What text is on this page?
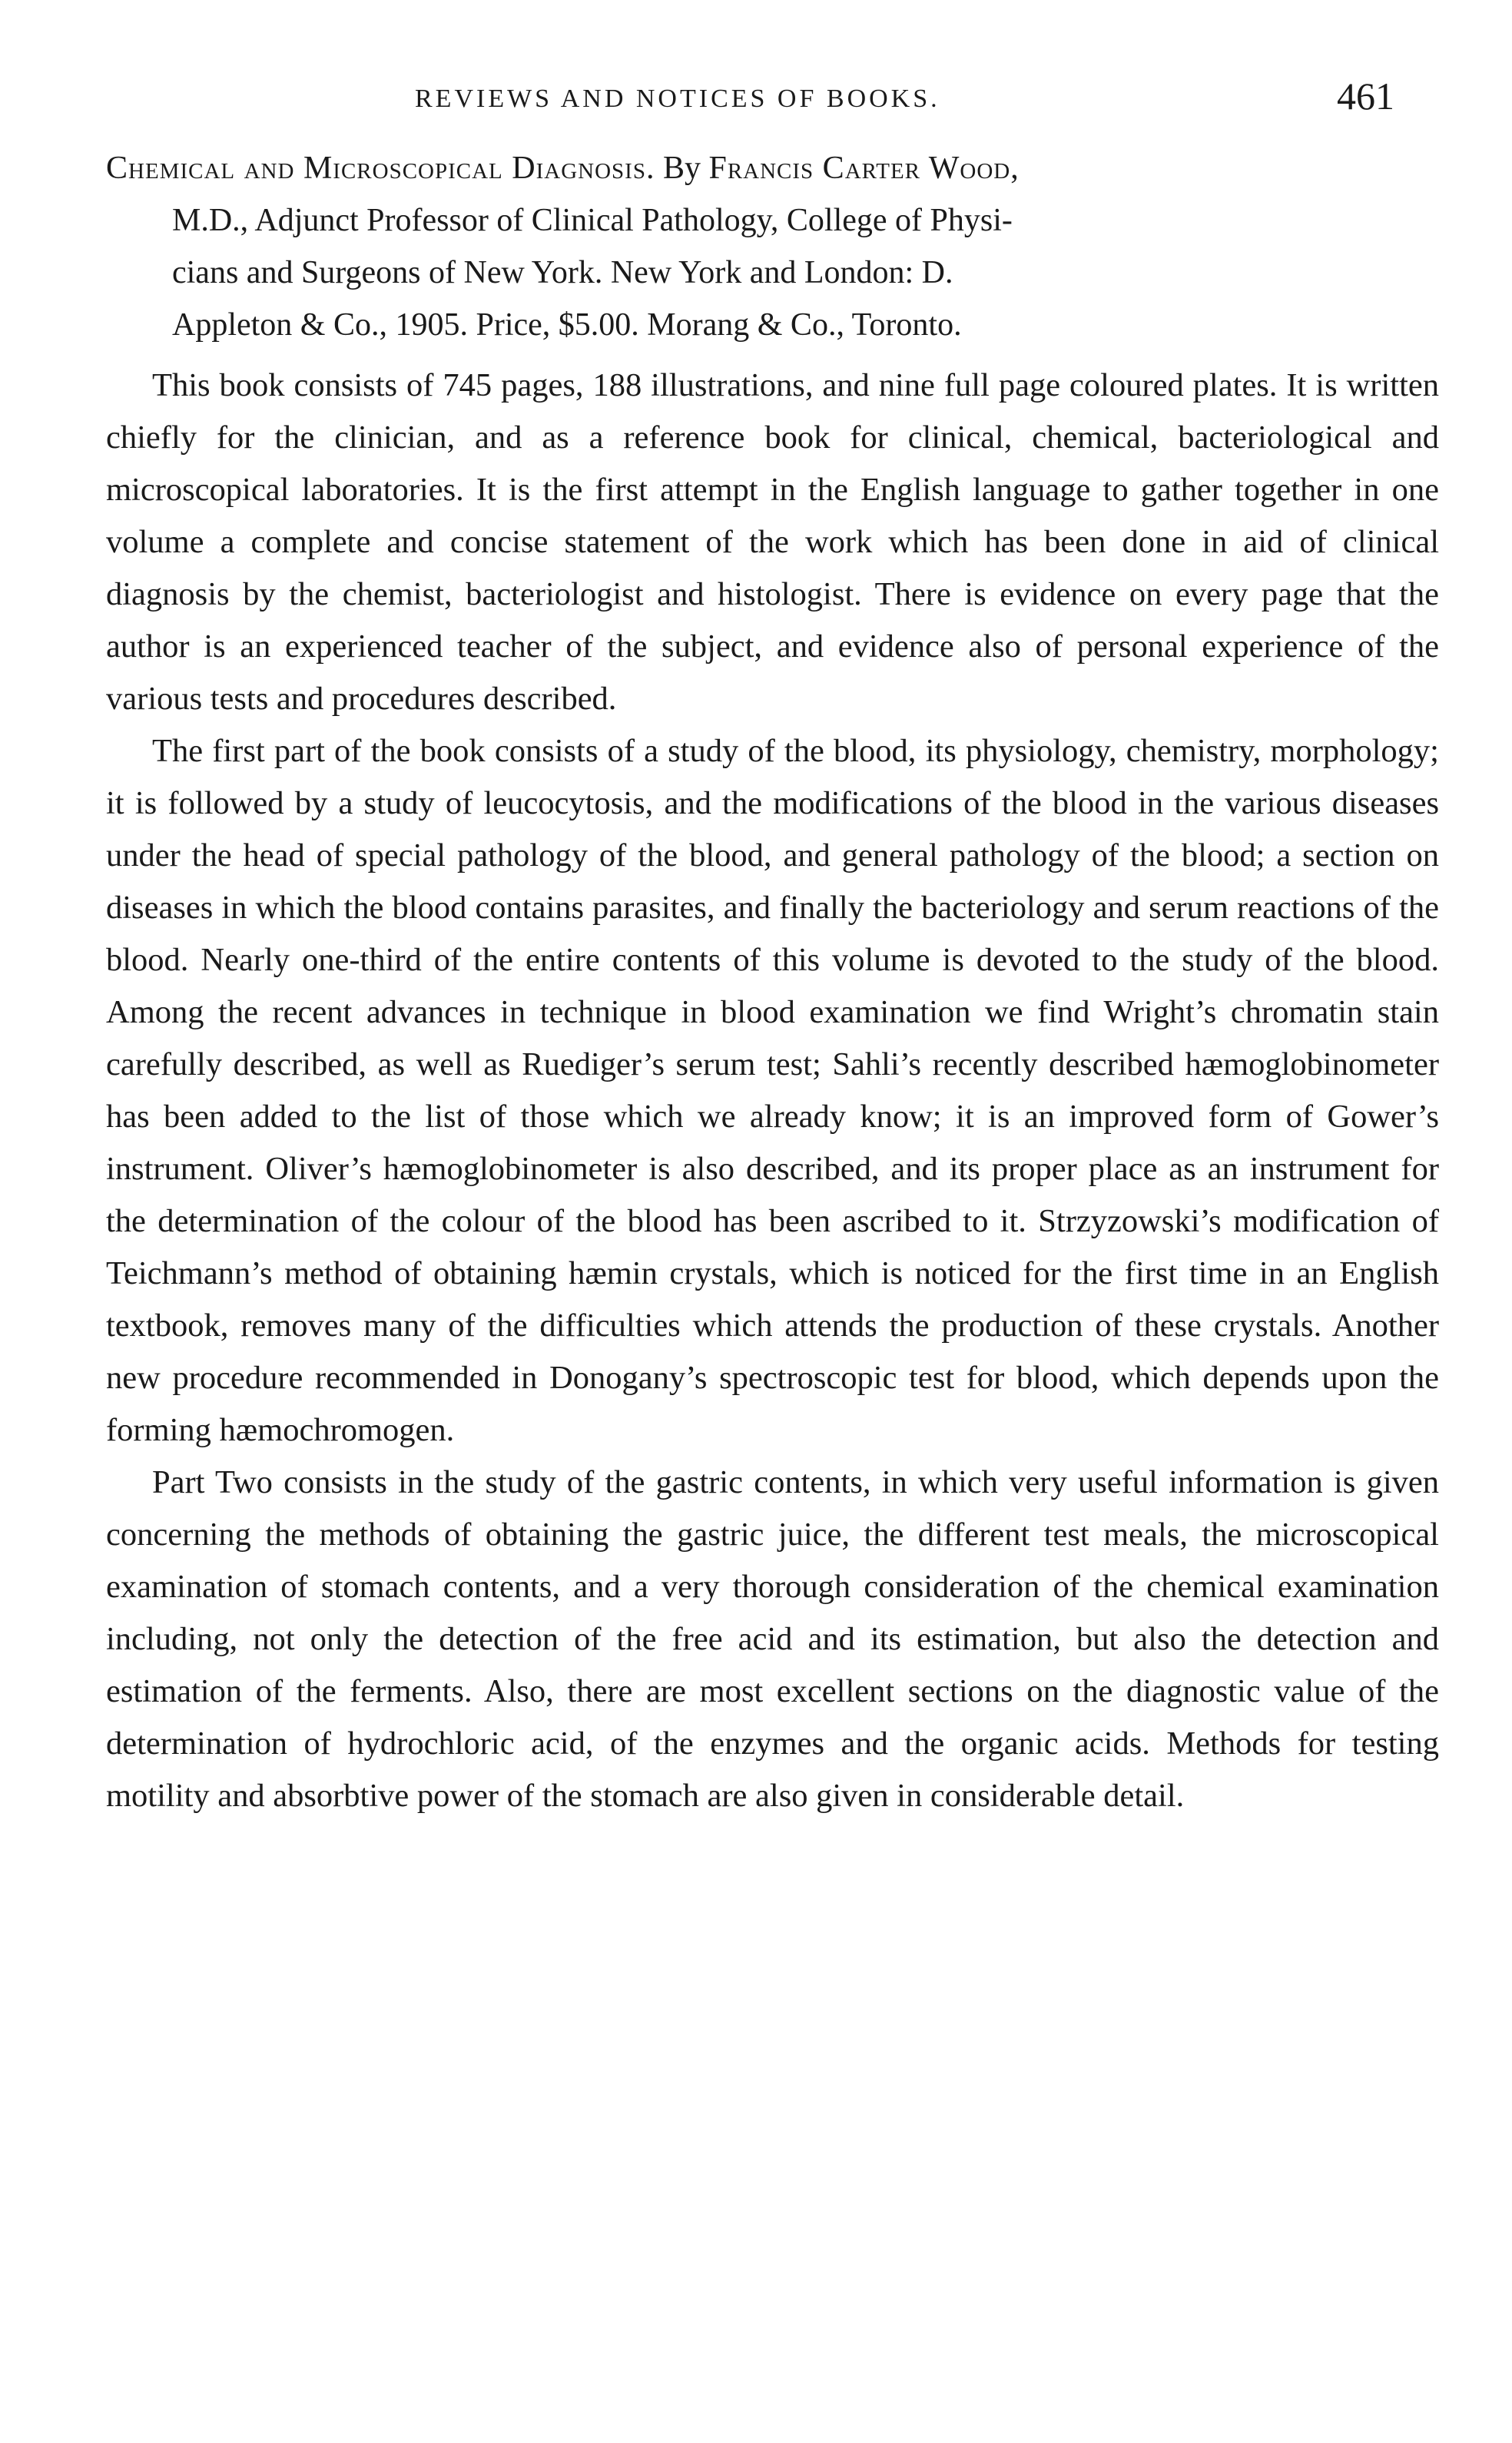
REVIEWS AND NOTICES OF BOOKS.	461
Chemical and Microscopical Diagnosis. By Francis Carter Wood,
M.D., Adjunct Professor of Clinical Pathology, College of Physi-
cians and Surgeons of New York. New York and London: D.
Appleton & Co., 1905. Price, $5.00. Morang & Co., Toronto.

This book consists of 745 pages, 188 illustrations, and nine full page coloured plates. It is written chiefly for the clinician, and as a reference book for clinical, chemical, bacteriological and microscopical laboratories. It is the first attempt in the English language to gather together in one volume a complete and concise statement of the work which has been done in aid of clinical diagnosis by the chemist, bacteriologist and histologist. There is evidence on every page that the author is an experienced teacher of the subject, and evidence also of personal experience of the various tests and procedures described.

The first part of the book consists of a study of the blood, its physiology, chemistry, morphology; it is followed by a study of leucocytosis, and the modifications of the blood in the various diseases under the head of special pathology of the blood, and general pathology of the blood; a section on diseases in which the blood contains parasites, and finally the bacteriology and serum reactions of the blood. Nearly one-third of the entire contents of this volume is devoted to the study of the blood. Among the recent advances in technique in blood examination we find Wright’s chromatin stain carefully described, as well as Ruediger’s serum test; Sahli’s recently described hæmoglobinometer has been added to the list of those which we already know; it is an improved form of Gower’s instrument. Oliver’s hæmoglobinometer is also described, and its proper place as an instrument for the determination of the colour of the blood has been ascribed to it. Strzyzowski’s modification of Teichmann’s method of obtaining hæmin crystals, which is noticed for the first time in an English textbook, removes many of the difficulties which attends the production of these crystals. Another new procedure recommended in Donogany’s spectroscopic test for blood, which depends upon the forming hæmochromogen.

Part Two consists in the study of the gastric contents, in which very useful information is given concerning the methods of obtaining the gastric juice, the different test meals, the microscopical examination of stomach contents, and a very thorough consideration of the chemical examination including, not only the detection of the free acid and its estimation, but also the detection and estimation of the ferments. Also, there are most excellent sections on the diagnostic value of the determination of hydrochloric acid, of the enzymes and the organic acids. Methods for testing motility and absorbtive power of the stomach are also given in considerable detail.
